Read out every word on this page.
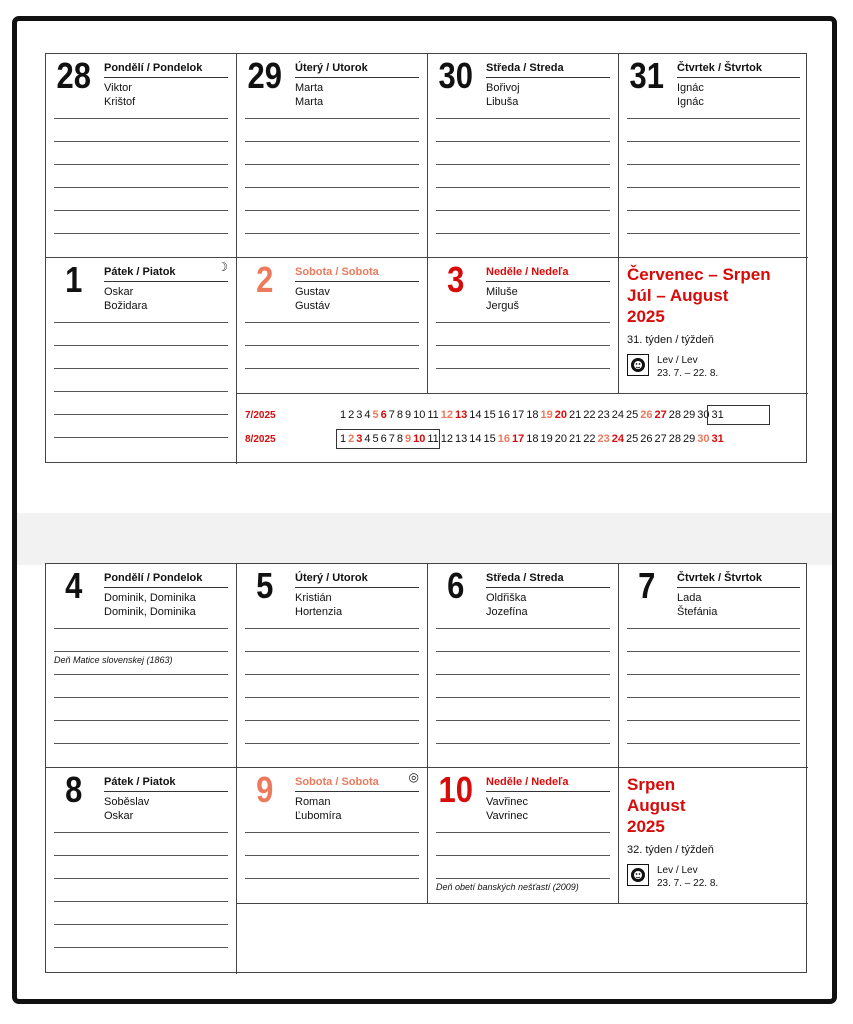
28 Pondělí / Pondelok
Viktor
Krištof
29 Úterý / Utorok
Marta
Marta
30 Středa / Streda
Bořivoj
Libuša
31 Čtvrtek / Štvrtok
Ignác
Ignác
1	Pátek / Piatok
Oskar
Božidara
☽ 2	Sobota / Sobota
Gustav
Gustáv
3	Neděle / Nedeľa
Miluše
Jerguš
Červenec – Srpen
Júl – August
2025
31. týden / týždeň
Lev / Lev
23. 7. – 22. 8.
7/2025	1 2 3 4 5 6 7 8 9 10 11 12 13 14 15 16 17 18 19 20 21 22 23 24 25 26 27 28 29 30 31
8/2025	1 2 3 4 5 6 7 8 9 10 11 12 13 14 15 16 17 18 19 20 21 22 23 24 25 26 27 28 29 30 31
4	Pondělí / Pondelok
Dominik, Dominika
Dominik, Dominika
Deň Matice slovenskej (1863)
5	Úterý / Utorok
Kristián
Hortenzia
6	Středa / Streda
Oldřiška
Jozefína
7	Čtvrtek / Štvrtok
Lada
Štefánia
8	Pátek / Piatok
Soběslav
Oskar
9	Sobota / Sobota
Roman
Ľubomíra
◎ 10 Neděle / Nedeľa
Vavřinec
Vavrinec
Deň obetí banských nešťastí (2009)
Srpen
August
2025
32. týden / týždeň
Lev / Lev
23. 7. – 22. 8.
